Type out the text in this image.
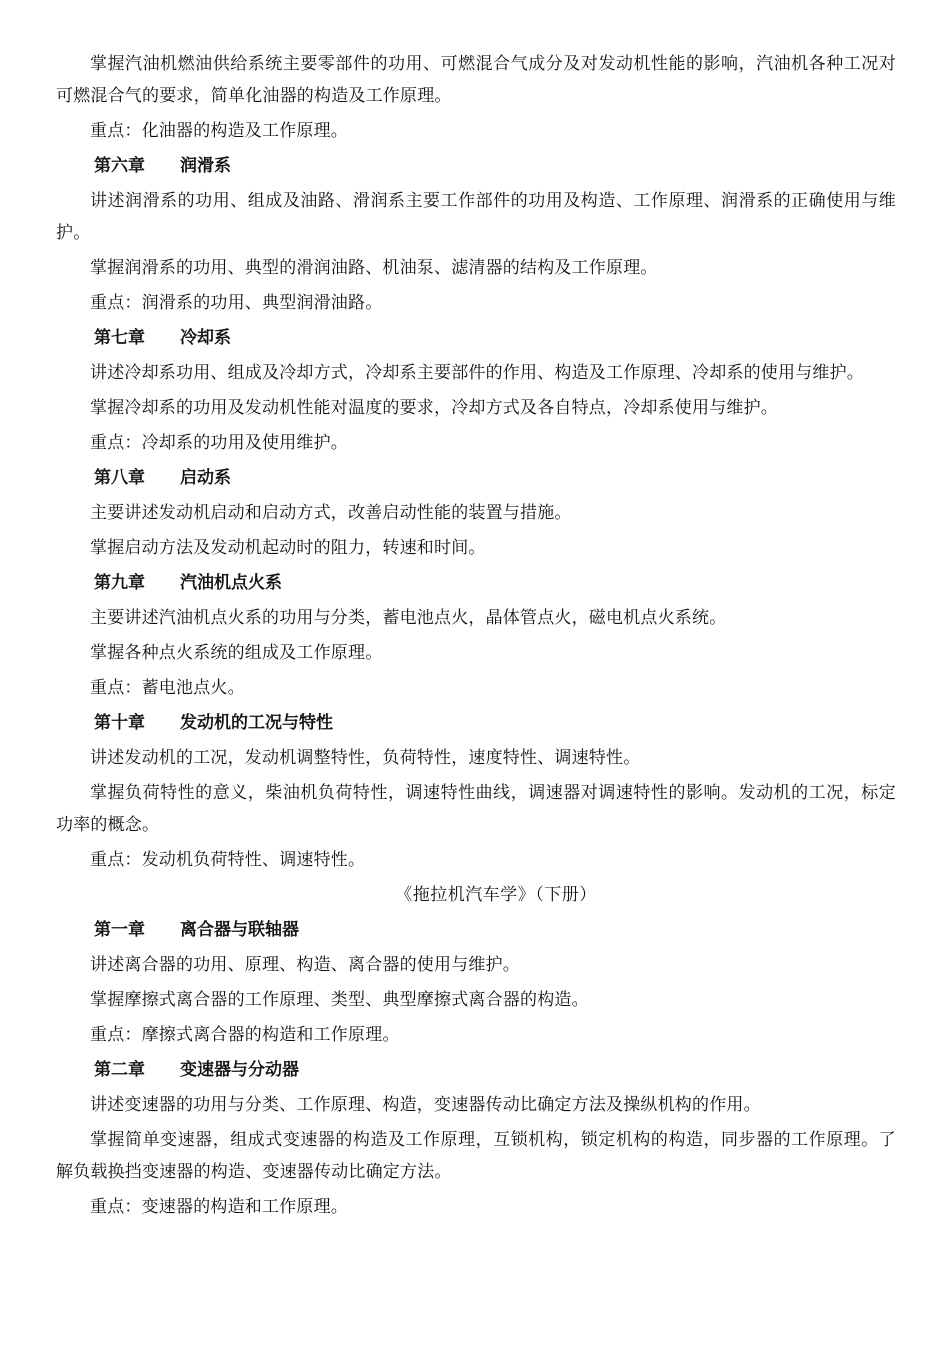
掌握汽油机燃油供给系统主要零部件的功用、可燃混合气成分及对发动机性能的影响，汽油机各种工况对可燃混合气的要求，简单化油器的构造及工作原理。

重点：化油器的构造及工作原理。

第六章 润滑系

讲述润滑系的功用、组成及油路、滑润系主要工作部件的功用及构造、工作原理、润滑系的正确使用与维护。

掌握润滑系的功用、典型的滑润油路、机油泵、滤清器的结构及工作原理。

重点：润滑系的功用、典型润滑油路。

第七章 冷却系

讲述冷却系功用、组成及冷却方式，冷却系主要部件的作用、构造及工作原理、冷却系的使用与维护。

掌握冷却系的功用及发动机性能对温度的要求，冷却方式及各自特点，冷却系使用与维护。

重点：冷却系的功用及使用维护。

第八章 启动系

主要讲述发动机启动和启动方式，改善启动性能的装置与措施。

掌握启动方法及发动机起动时的阻力，转速和时间。

第九章 汽油机点火系

主要讲述汽油机点火系的功用与分类，蓄电池点火，晶体管点火，磁电机点火系统。

掌握各种点火系统的组成及工作原理。

重点：蓄电池点火。

第十章 发动机的工况与特性

讲述发动机的工况，发动机调整特性，负荷特性，速度特性、调速特性。

掌握负荷特性的意义，柴油机负荷特性，调速特性曲线，调速器对调速特性的影响。发动机的工况，标定功率的概念。

重点：发动机负荷特性、调速特性。

《拖拉机汽车学》（下册）
第一章 离合器与联轴器

讲述离合器的功用、原理、构造、离合器的使用与维护。

掌握摩擦式离合器的工作原理、类型、典型摩擦式离合器的构造。

重点：摩擦式离合器的构造和工作原理。

第二章 变速器与分动器

讲述变速器的功用与分类、工作原理、构造，变速器传动比确定方法及操纵机构的作用。

掌握简单变速器，组成式变速器的构造及工作原理，互锁机构，锁定机构的构造，同步器的工作原理。了解负载换挡变速器的构造、变速器传动比确定方法。

重点：变速器的构造和工作原理。
